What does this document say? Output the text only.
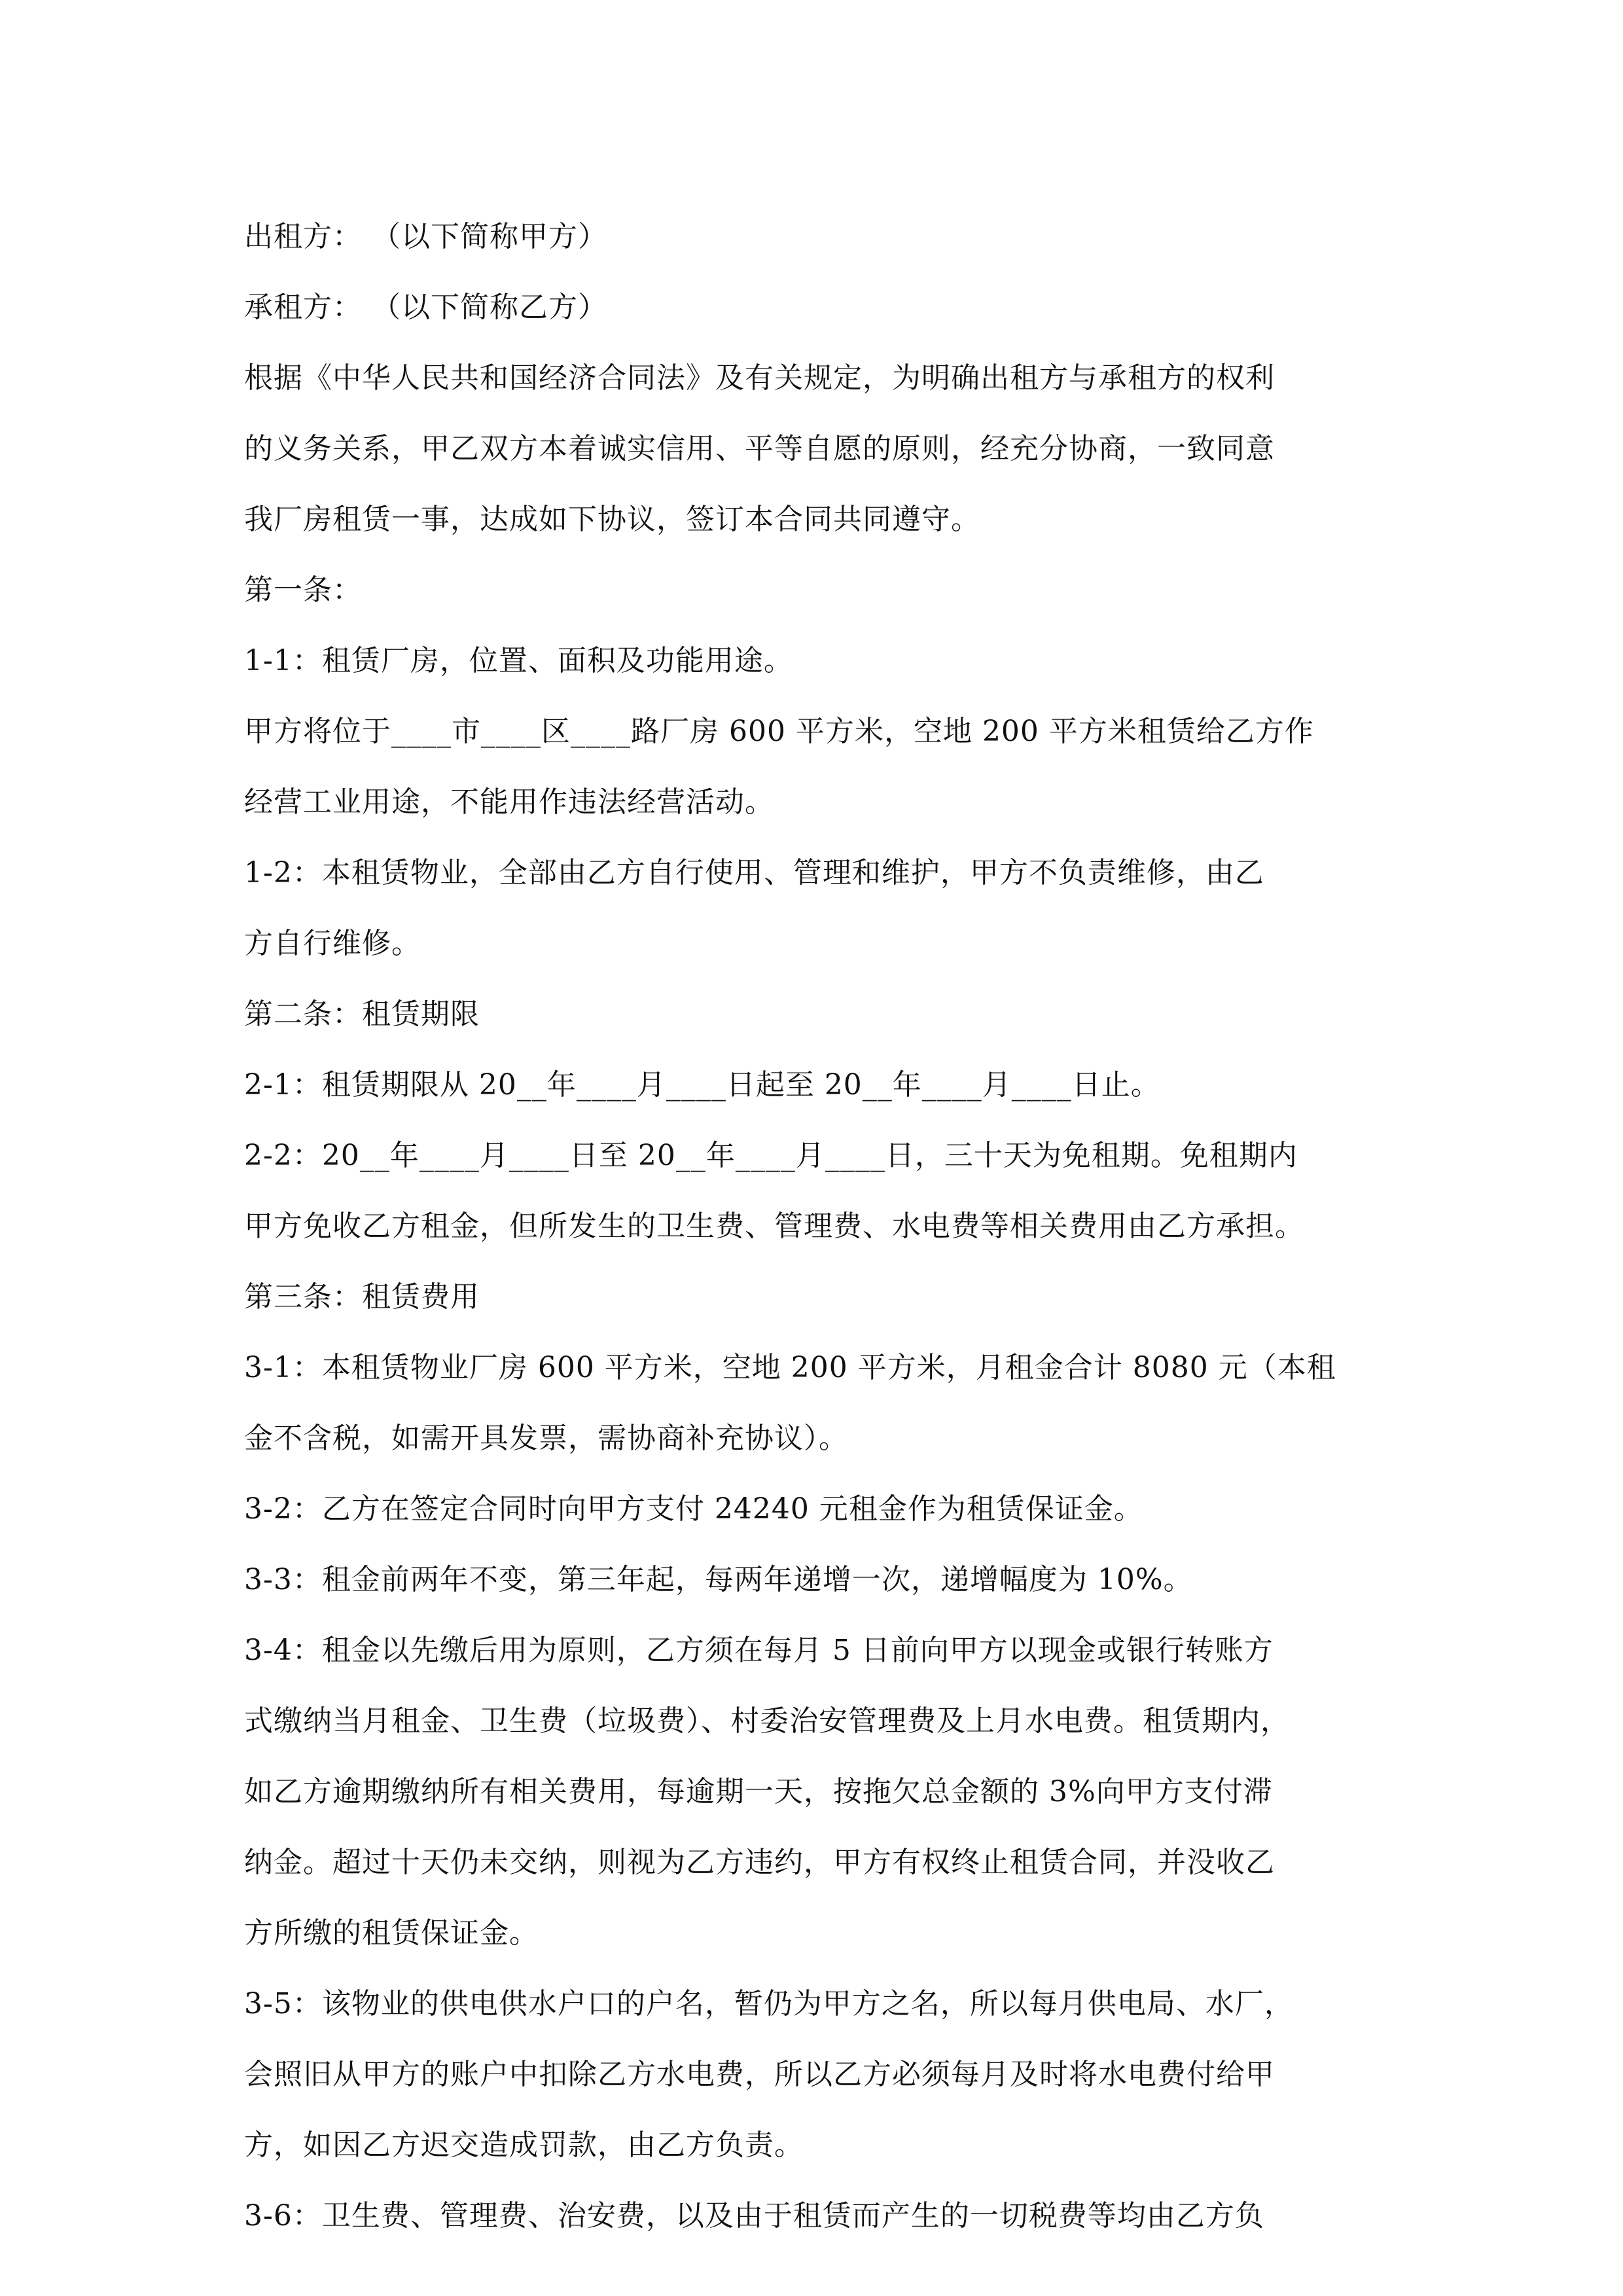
出租方： （以下简称甲方）
承租方： （以下简称乙方）
根据《中华人民共和国经济合同法》及有关规定，为明确出租方与承租方的权利
的义务关系，甲乙双方本着诚实信用、平等自愿的原则，经充分协商，一致同意
我厂房租赁一事，达成如下协议，签订本合同共同遵守。
第一条：
1-1：租赁厂房，位置、面积及功能用途。
甲方将位于____市____区____路厂房 600 平方米，空地 200 平方米租赁给乙方作
经营工业用途，不能用作违法经营活动。
1-2：本租赁物业，全部由乙方自行使用、管理和维护，甲方不负责维修，由乙
方自行维修。
第二条：租赁期限
2-1：租赁期限从 20__年____月____日起至 20__年____月____日止。
2-2：20__年____月____日至 20__年____月____日，三十天为免租期。免租期内
甲方免收乙方租金，但所发生的卫生费、管理费、水电费等相关费用由乙方承担。
第三条：租赁费用
3-1：本租赁物业厂房 600 平方米，空地 200 平方米，月租金合计 8080 元（本租
金不含税，如需开具发票，需协商补充协议）。
3-2：乙方在签定合同时向甲方支付 24240 元租金作为租赁保证金。
3-3：租金前两年不变，第三年起，每两年递增一次，递增幅度为 10%。
3-4：租金以先缴后用为原则，乙方须在每月 5 日前向甲方以现金或银行转账方
式缴纳当月租金、卫生费（垃圾费）、村委治安管理费及上月水电费。租赁期内，
如乙方逾期缴纳所有相关费用，每逾期一天，按拖欠总金额的 3%向甲方支付滞
纳金。超过十天仍未交纳，则视为乙方违约，甲方有权终止租赁合同，并没收乙
方所缴的租赁保证金。
3-5：该物业的供电供水户口的户名，暂仍为甲方之名，所以每月供电局、水厂，
会照旧从甲方的账户中扣除乙方水电费，所以乙方必须每月及时将水电费付给甲
方，如因乙方迟交造成罚款，由乙方负责。
3-6：卫生费、管理费、治安费，以及由于租赁而产生的一切税费等均由乙方负
